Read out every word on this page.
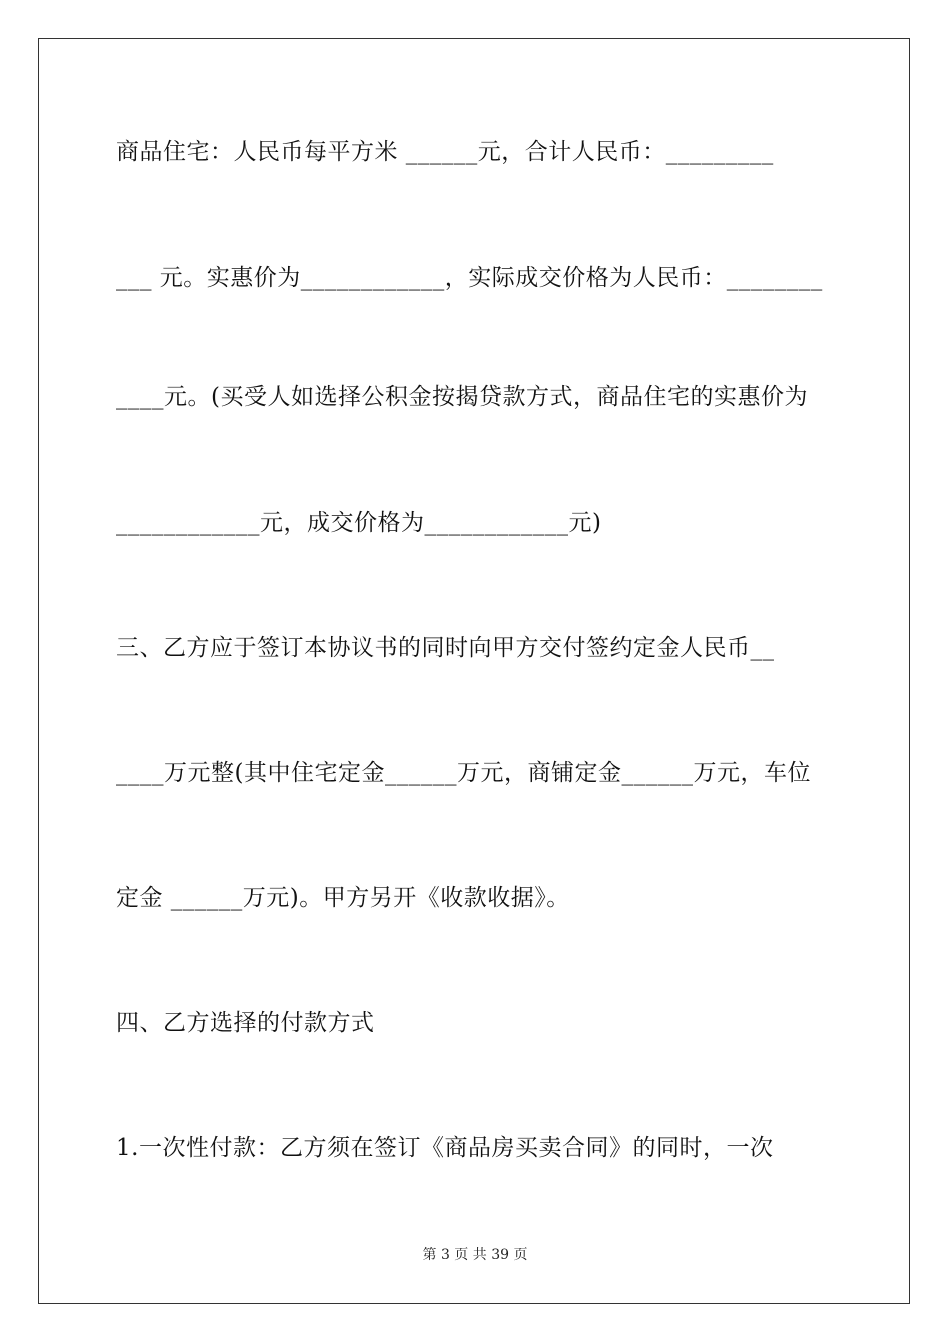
商品住宅：人民币每平方米 ______元，合计人民币：_________
___ 元。实惠价为____________，实际成交价格为人民币：________
____元。(买受人如选择公积金按揭贷款方式，商品住宅的实惠价为
____________元，成交价格为____________元)
三、乙方应于签订本协议书的同时向甲方交付签约定金人民币__
____万元整(其中住宅定金______万元，商铺定金______万元，车位
定金 ______万元)。甲方另开《收款收据》。
四、乙方选择的付款方式
1.一次性付款：乙方须在签订《商品房买卖合同》的同时，一次
第 3 页 共 39 页
